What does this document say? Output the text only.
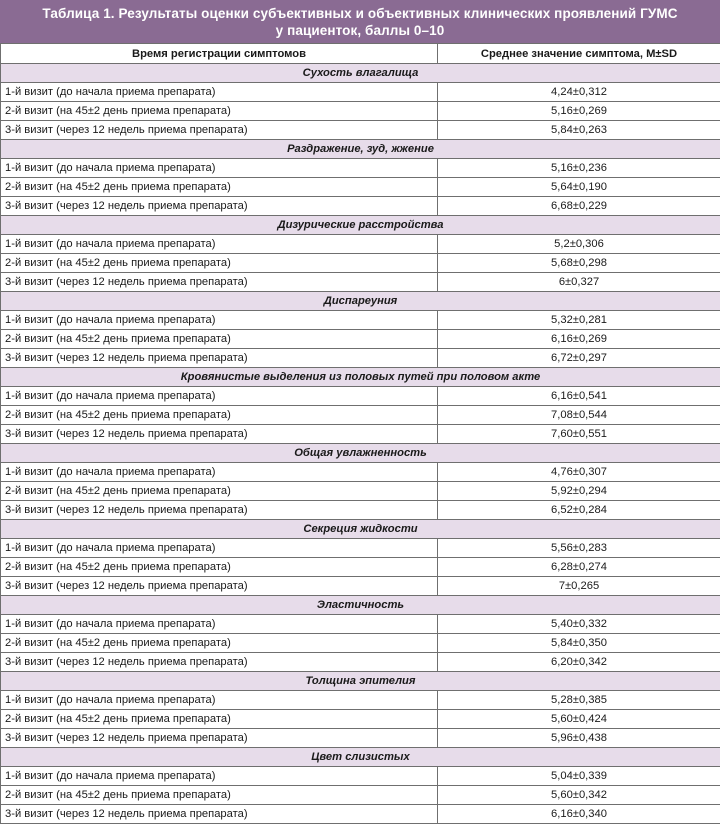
Таблица 1. Результаты оценки субъективных и объективных клинических проявлений ГУМС
у пациенток, баллы 0–10
Время регистрации симптомов	Среднее значение симптома, M±SD
Сухость влагалища	
1-й визит (до начала приема препарата)	4,24±0,312
2-й визит (на 45±2 день приема препарата)	5,16±0,269
3-й визит (через 12 недель приема препарата)	5,84±0,263
Раздражение, зуд, жжение	
1-й визит (до начала приема препарата)	5,16±0,236
2-й визит (на 45±2 день приема препарата)	5,64±0,190
3-й визит (через 12 недель приема препарата)	6,68±0,229
Дизурические расстройства	
1-й визит (до начала приема препарата)	5,2±0,306
2-й визит (на 45±2 день приема препарата)	5,68±0,298
3-й визит (через 12 недель приема препарата)	6±0,327
Диспареуния	
1-й визит (до начала приема препарата)	5,32±0,281
2-й визит (на 45±2 день приема препарата)	6,16±0,269
3-й визит (через 12 недель приема препарата)	6,72±0,297
Кровянистые выделения из половых путей при половом акте	
1-й визит (до начала приема препарата)	6,16±0,541
2-й визит (на 45±2 день приема препарата)	7,08±0,544
3-й визит (через 12 недель приема препарата)	7,60±0,551
Общая увлажненность	
1-й визит (до начала приема препарата)	4,76±0,307
2-й визит (на 45±2 день приема препарата)	5,92±0,294
3-й визит (через 12 недель приема препарата)	6,52±0,284
Секреция жидкости	
1-й визит (до начала приема препарата)	5,56±0,283
2-й визит (на 45±2 день приема препарата)	6,28±0,274
3-й визит (через 12 недель приема препарата)	7±0,265
Эластичность	
1-й визит (до начала приема препарата)	5,40±0,332
2-й визит (на 45±2 день приема препарата)	5,84±0,350
3-й визит (через 12 недель приема препарата)	6,20±0,342
Толщина эпителия	
1-й визит (до начала приема препарата)	5,28±0,385
2-й визит (на 45±2 день приема препарата)	5,60±0,424
3-й визит (через 12 недель приема препарата)	5,96±0,438
Цвет слизистых	
1-й визит (до начала приема препарата)	5,04±0,339
2-й визит (на 45±2 день приема препарата)	5,60±0,342
3-й визит (через 12 недель приема препарата)	6,16±0,340
